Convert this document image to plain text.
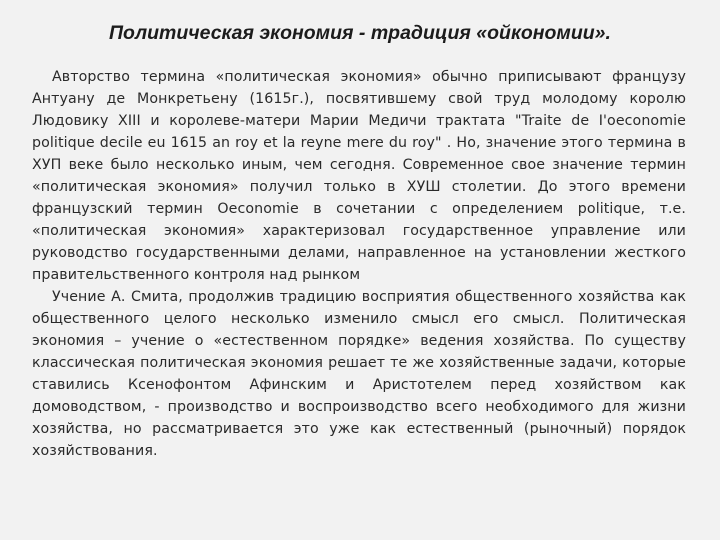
Политическая экономия - традиция «ойкономии».

Авторство термина «политическая экономия» обычно приписывают французу Антуану де Монкретьену (1615г.), посвятившему свой труд молодому королю Людовику XIII и королеве-матери Марии Медичи трактата "Traite de I'oeconomie politique decile eu 1615 an roy et la reyne mere du roy" . Но, значение этого термина в ХУП веке было несколько иным, чем сегодня. Современное свое значение термин «политическая экономия» получил только в ХУШ столетии. До этого времени французский термин Oeconomie в сочетании с определением politique, т.е. «политическая экономия» характеризовал государственное управление или руководство государственными делами, направленное на установлении жесткого правительственного контроля над рынком

Учение А. Смита, продолжив традицию восприятия общественного хозяйства как общественного целого несколько изменило смысл его смысл. Политическая экономия – учение о «естественном порядке» ведения хозяйства. По существу классическая политическая экономия решает те же хозяйственные задачи, которые ставились Ксенофонтом Афинским и Аристотелем перед хозяйством как домоводством, - производство и воспроизводство всего необходимого для жизни хозяйства, но рассматривается это уже как естественный (рыночный) порядок хозяйствования.
